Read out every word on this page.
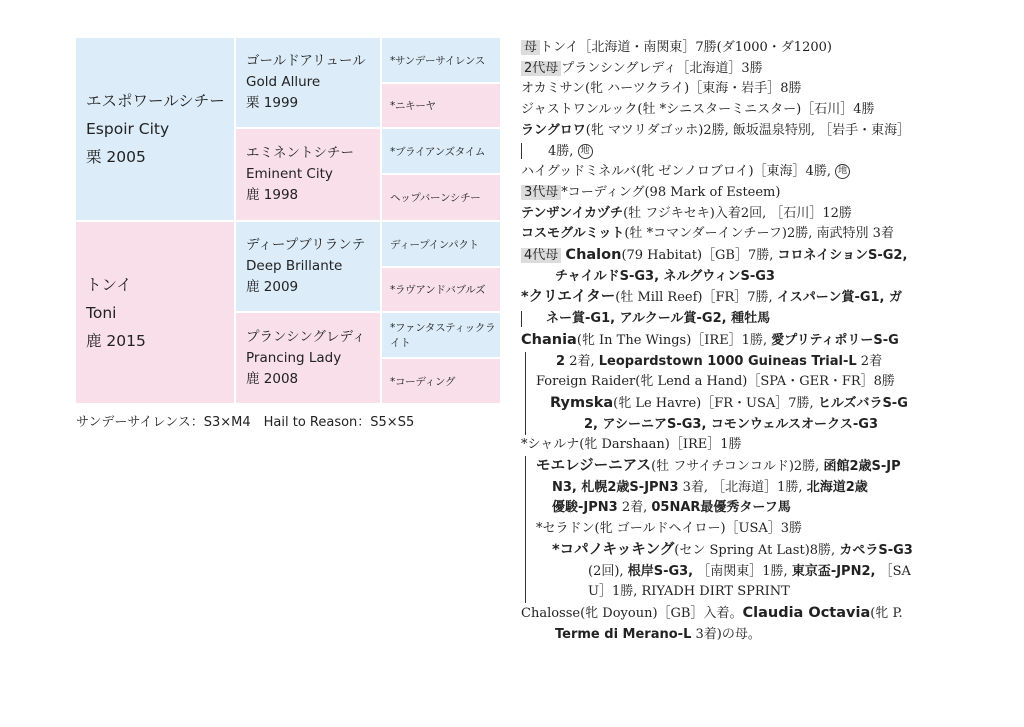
エスポワールシチー
Espoir City
栗 2005
トンイ
Toni
鹿 2015
ゴールドアリュール
Gold Allure
栗 1999
エミネントシチー
Eminent City
鹿 1998
ディープブリランテ
Deep Brillante
鹿 2009
プランシングレディ
Prancing Lady
鹿 2008
*サンデーサイレンス
*ニキーヤ
*ブライアンズタイム
ヘップバーンシチー
ディープインパクト
*ラヴアンドバブルズ
*ファンタスティックライト
*コーディング
サンデーサイレンス：S3×M4　Hail to Reason：S5×S5
母 トンイ［北海道・南関東］7勝(ダ1000・ダ1200)
2代母 プランシングレディ［北海道］3勝
オカミサン(牝 ハーツクライ)［東海・岩手］8勝
ジャストワンルック(牡 *シニスターミニスター)［石川］4勝
ラングロワ(牝 マツリダゴッホ)2勝, 飯坂温泉特別, ［岩手・東海］
4勝, 地
ハイグッドミネルバ(牝 ゼンノロブロイ)［東海］4勝, 地
3代母 *コーディング(98 Mark of Esteem)
テンザンイカヅチ(牡 フジキセキ)入着2回, ［石川］12勝
コスモグルミット(牡 *コマンダーインチーフ)2勝, 南武特別 3着
4代母 Chalon(79 Habitat)［GB］7勝, コロネイションS-G2,
チャイルドS-G3, ネルグウィンS-G3
*クリエイター(牡 Mill Reef)［FR］7勝, イスパーン賞-G1, ガ
ネー賞-G1, アルクール賞-G2, 種牡馬
Chania(牝 In The Wings)［IRE］1勝, 愛プリティポリーS-G
2 2着, Leopardstown 1000 Guineas Trial-L 2着
Foreign Raider(牝 Lend a Hand)［SPA・GER・FR］8勝
Rymska(牝 Le Havre)［FR・USA］7勝, ヒルズバラS-G
2, アシーニアS-G3, コモンウェルスオークス-G3
*シャルナ(牝 Darshaan)［IRE］1勝
モエレジーニアス(牡 フサイチコンコルド)2勝, 函館2歳S-JP
N3, 札幌2歳S-JPN3 3着, ［北海道］1勝, 北海道2歳
優駿-JPN3 2着, 05NAR最優秀ターフ馬
*セラドン(牝 ゴールドヘイロー)［USA］3勝
*コパノキッキング(セン Spring At Last)8勝, カペラS-G3
(2回), 根岸S-G3, ［南関東］1勝, 東京盃-JPN2, ［SA
U］1勝, RIYADH DIRT SPRINT
Chalosse(牝 Doyoun)［GB］入着。Claudia Octavia(牝 P.
Terme di Merano-L 3着)の母。
